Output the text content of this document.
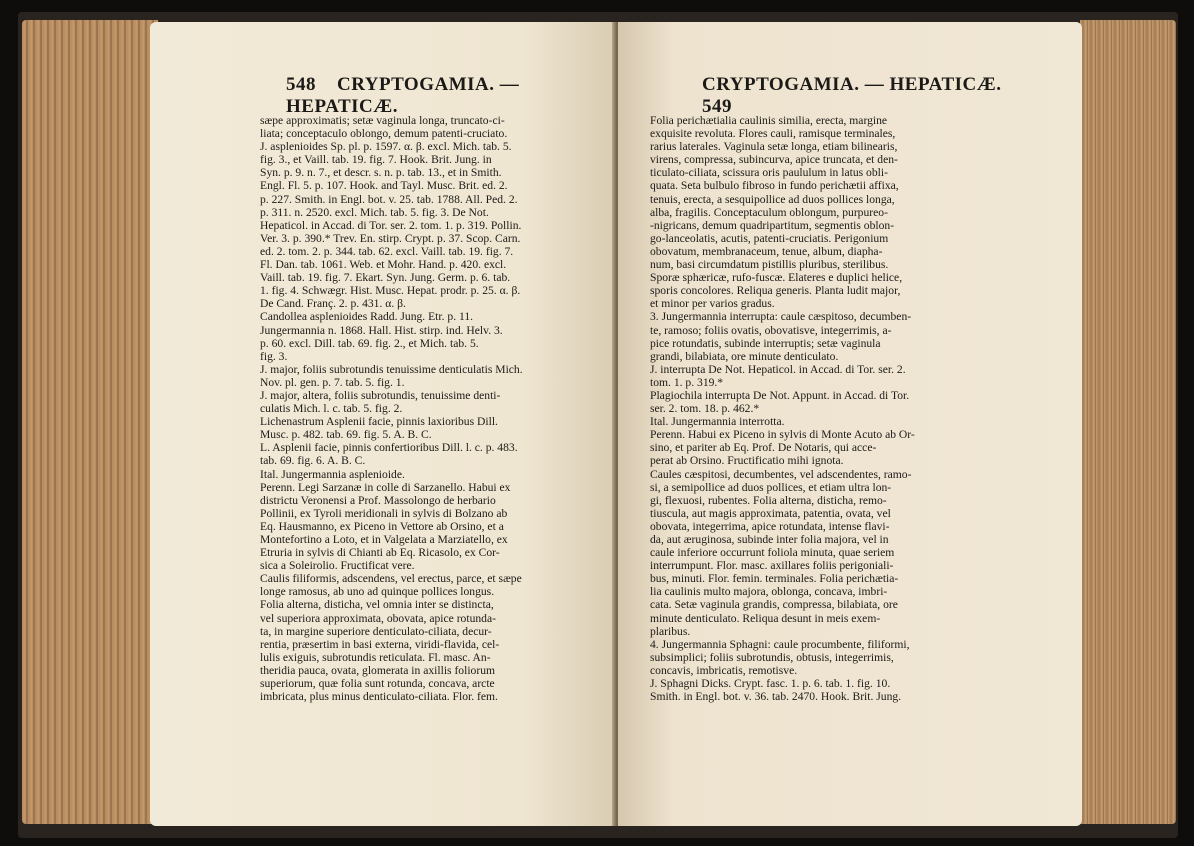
548 CRYPTOGAMIA. — HEPATICÆ.

sæpe approximatis; setæ vaginula longa, truncato-ci-

liata; conceptaculo oblongo, demum patenti-cruciato.

J. asplenioides Sp. pl. p. 1597. α. β. excl. Mich. tab. 5.

fig. 3., et Vaill. tab. 19. fig. 7. Hook. Brit. Jung. in

Syn. p. 9. n. 7., et descr. s. n. p. tab. 13., et in Smith.

Engl. Fl. 5. p. 107. Hook. and Tayl. Musc. Brit. ed. 2.

p. 227. Smith. in Engl. bot. v. 25. tab. 1788. All. Ped. 2.

p. 311. n. 2520. excl. Mich. tab. 5. fig. 3. De Not.

Hepaticol. in Accad. di Tor. ser. 2. tom. 1. p. 319. Pollin.

Ver. 3. p. 390.* Trev. En. stirp. Crypt. p. 37. Scop. Carn.

ed. 2. tom. 2. p. 344. tab. 62. excl. Vaill. tab. 19. fig. 7.

Fl. Dan. tab. 1061. Web. et Mohr. Hand. p. 420. excl.

Vaill. tab. 19. fig. 7. Ekart. Syn. Jung. Germ. p. 6. tab.

1. fig. 4. Schwægr. Hist. Musc. Hepat. prodr. p. 25. α. β.

De Cand. Franç. 2. p. 431. α. β.

Candollea asplenioides Radd. Jung. Etr. p. 11.

Jungermannia n. 1868. Hall. Hist. stirp. ind. Helv. 3.

p. 60. excl. Dill. tab. 69. fig. 2., et Mich. tab. 5.

fig. 3.

J. major, foliis subrotundis tenuissime denticulatis Mich.

Nov. pl. gen. p. 7. tab. 5. fig. 1.

J. major, altera, foliis subrotundis, tenuissime denti-

culatis Mich. l. c. tab. 5. fig. 2.

Lichenastrum Asplenii facie, pinnis laxioribus Dill.

Musc. p. 482. tab. 69. fig. 5. A. B. C.

L. Asplenii facie, pinnis confertioribus Dill. l. c. p. 483.

tab. 69. fig. 6. A. B. C.

Ital. Jungermannia asplenioide.

Perenn. Legi Sarzanæ in colle di Sarzanello. Habui ex

districtu Veronensi a Prof. Massolongo de herbario

Pollinii, ex Tyroli meridionali in sylvis di Bolzano ab

Eq. Hausmanno, ex Piceno in Vettore ab Orsino, et a

Montefortino a Loto, et in Valgelata a Marziatello, ex

Etruria in sylvis di Chianti ab Eq. Ricasolo, ex Cor-

sica a Soleirolio. Fructificat vere.

Caulis filiformis, adscendens, vel erectus, parce, et sæpe

longe ramosus, ab uno ad quinque pollices longus.

Folia alterna, disticha, vel omnia inter se distincta,

vel superiora approximata, obovata, apice rotunda-

ta, in margine superiore denticulato-ciliata, decur-

rentia, præsertim in basi externa, viridi-flavida, cel-

lulis exiguis, subrotundis reticulata. Fl. masc. An-

theridia pauca, ovata, glomerata in axillis foliorum

superiorum, quæ folia sunt rotunda, concava, arcte

imbricata, plus minus denticulato-ciliata. Flor. fem.

CRYPTOGAMIA. — HEPATICÆ.     549

Folia perichætialia caulinis similia, erecta, margine

exquisite revoluta. Flores cauli, ramisque terminales,

rarius laterales. Vaginula setæ longa, etiam bilinearis,

virens, compressa, subincurva, apice truncata, et den-

ticulato-ciliata, scissura oris paululum in latus obli-

quata. Seta bulbulo fibroso in fundo perichætii affixa,

tenuis, erecta, a sesquipollice ad duos pollices longa,

alba, fragilis. Conceptaculum oblongum, purpureo-

-nigricans, demum quadripartitum, segmentis oblon-

go-lanceolatis, acutis, patenti-cruciatis. Perigonium

obovatum, membranaceum, tenue, album, diapha-

num, basi circumdatum pistillis pluribus, sterilibus.

Sporæ sphæricæ, rufo-fuscæ. Elateres e duplici helice,

sporis concolores. Reliqua generis. Planta ludit major,

et minor per varios gradus.

3. Jungermannia interrupta: caule cæspitoso, decumben-

te, ramoso; foliis ovatis, obovatisve, integerrimis, a-

pice rotundatis, subinde interruptis; setæ vaginula

grandi, bilabiata, ore minute denticulato.

J. interrupta De Not. Hepaticol. in Accad. di Tor. ser. 2.

tom. 1. p. 319.*

Plagiochila interrupta De Not. Appunt. in Accad. di Tor.

ser. 2. tom. 18. p. 462.*

Ital. Jungermannia interrotta.

Perenn. Habui ex Piceno in sylvis di Monte Acuto ab Or-

sino, et pariter ab Eq. Prof. De Notaris, qui acce-

perat ab Orsino. Fructificatio mihi ignota.

Caules cæspitosi, decumbentes, vel adscendentes, ramo-

si, a semipollice ad duos pollices, et etiam ultra lon-

gi, flexuosi, rubentes. Folia alterna, disticha, remo-

tiuscula, aut magis approximata, patentia, ovata, vel

obovata, integerrima, apice rotundata, intense flavi-

da, aut æruginosa, subinde inter folia majora, vel in

caule inferiore occurrunt foliola minuta, quae seriem

interrumpunt. Flor. masc. axillares foliis perigoniali-

bus, minuti. Flor. femin. terminales. Folia perichætia-

lia caulinis multo majora, oblonga, concava, imbri-

cata. Setæ vaginula grandis, compressa, bilabiata, ore

minute denticulato. Reliqua desunt in meis exem-

plaribus.

4. Jungermannia Sphagni: caule procumbente, filiformi,

subsimplici; foliis subrotundis, obtusis, integerrimis,

concavis, imbricatis, remotisve.

J. Sphagni Dicks. Crypt. fasc. 1. p. 6. tab. 1. fig. 10.

Smith. in Engl. bot. v. 36. tab. 2470. Hook. Brit. Jung.
